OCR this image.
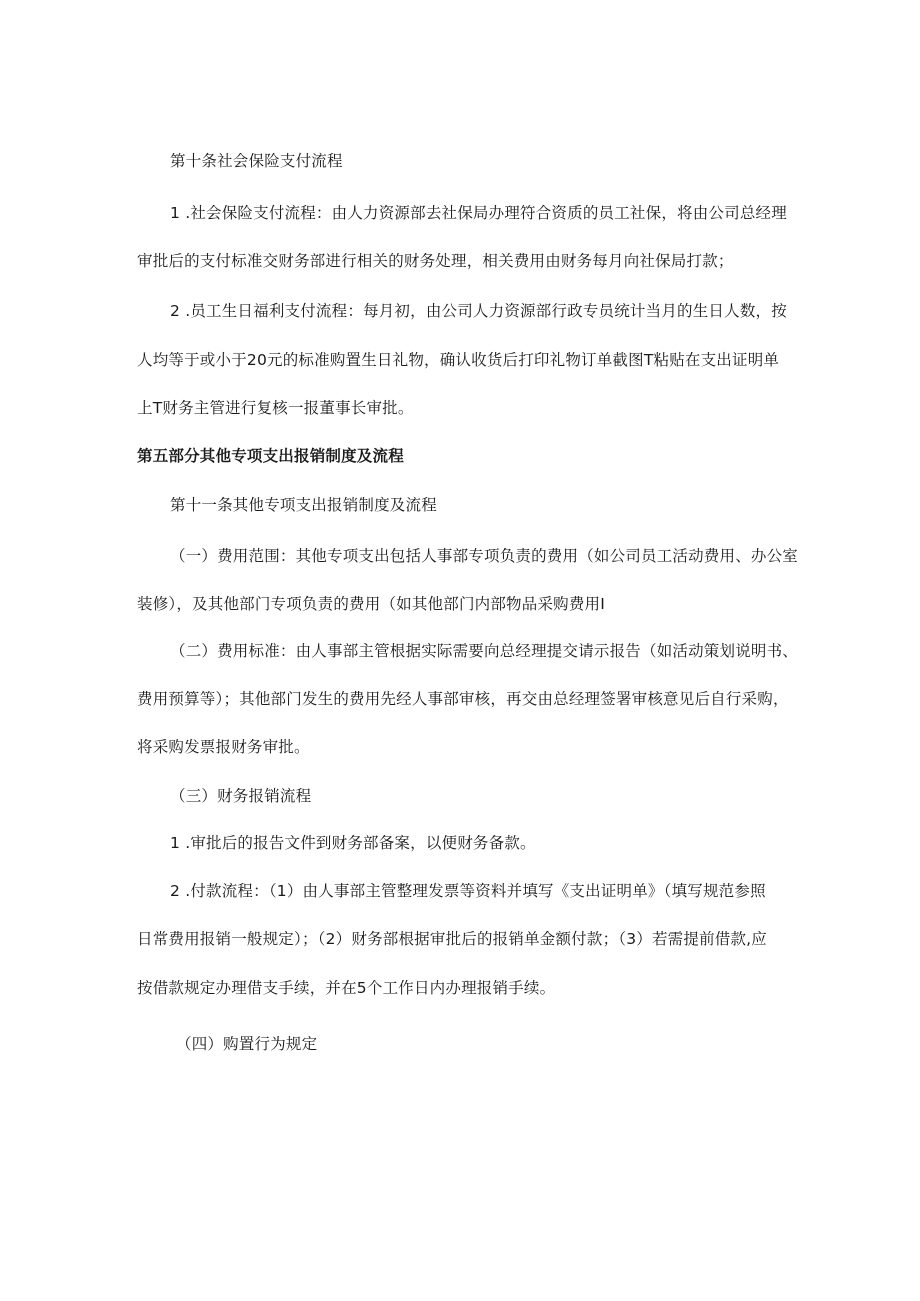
第十条社会保险支付流程
1 .社会保险支付流程：由人力资源部去社保局办理符合资质的员工社保，将由公司总经理
审批后的支付标准交财务部进行相关的财务处理，相关费用由财务每月向社保局打款；
2 .员工生日福利支付流程：每月初，由公司人力资源部行政专员统计当月的生日人数，按
人均等于或小于20元的标准购置生日礼物，确认收货后打印礼物订单截图T粘贴在支出证明单
上T财务主管进行复核一报董事长审批。
第五部分其他专项支出报销制度及流程
第十一条其他专项支出报销制度及流程
（一）费用范围：其他专项支出包括人事部专项负责的费用（如公司员工活动费用、办公室
装修），及其他部门专项负责的费用（如其他部门内部物品采购费用I
（二）费用标准：由人事部主管根据实际需要向总经理提交请示报告（如活动策划说明书、
费用预算等）；其他部门发生的费用先经人事部审核，再交由总经理签署审核意见后自行采购，
将采购发票报财务审批。
（三）财务报销流程
1 .审批后的报告文件到财务部备案，以便财务备款。
2 .付款流程：（1）由人事部主管整理发票等资料并填写《支出证明单》（填写规范参照
日常费用报销一般规定）；（2）财务部根据审批后的报销单金额付款；（3）若需提前借款,应
按借款规定办理借支手续，并在5个工作日内办理报销手续。
（四）购置行为规定
